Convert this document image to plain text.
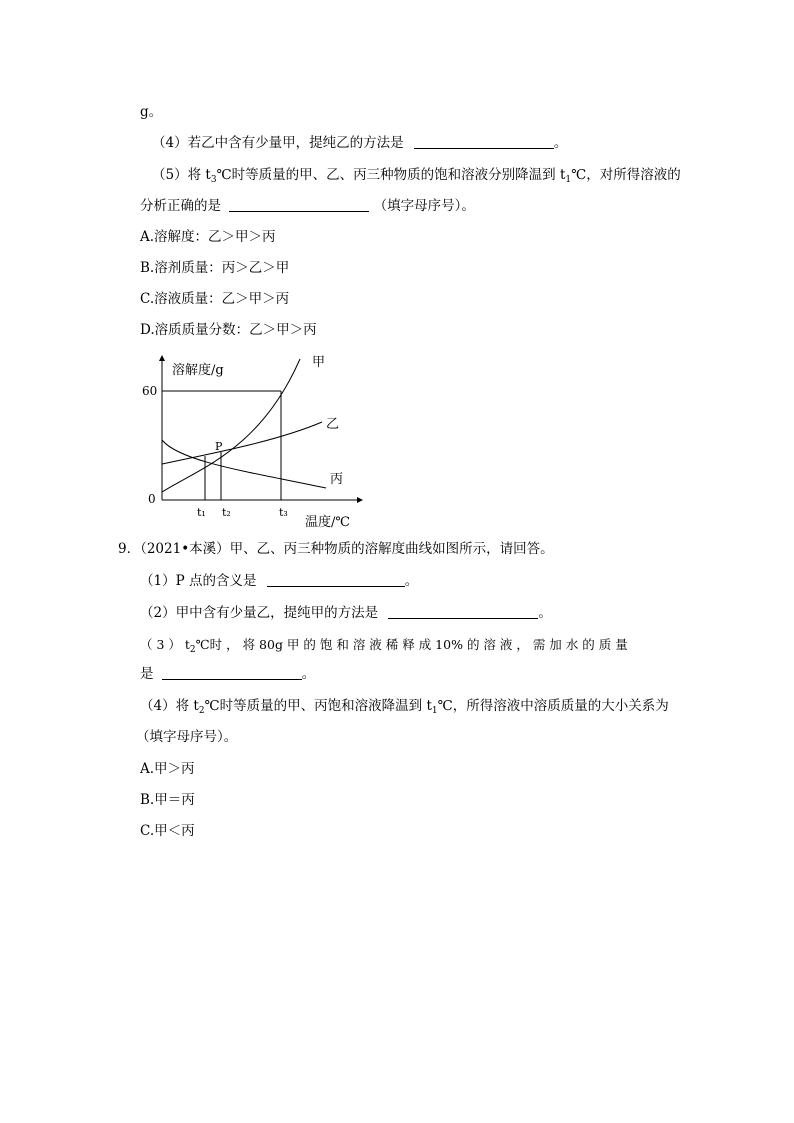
g。
（4）若乙中含有少量甲，提纯乙的方法是	。
（5）将 $t_3℃$时等质量的甲、乙、丙三种物质的饱和溶液分别降温到 $t_1℃$，对所得溶液的
分析正确的是	（填字母序号）。
A.溶解度：乙＞甲＞丙
B.溶剂质量：丙＞乙＞甲
C.溶液质量：乙＞甲＞丙
D.溶质质量分数：乙＞甲＞丙
溶解度/g
温度/℃
60
0
t₁ t₂	t₃
甲
乙
丙
P
9．（2021•本溪）甲、乙、丙三种物质的溶解度曲线如图所示，请回答。
（1）P 点的含义是	。
（2）甲中含有少量乙，提纯甲的方法是	。
（ 3 ） $t_2℃$时 ， 将 80g 甲 的 饱 和 溶 液 稀 释 成 10% 的 溶 液 ， 需 加 水 的 质 量
是	。
（4）将 $t_2℃$时等质量的甲、丙饱和溶液降温到 $t_1℃$，所得溶液中溶质质量的大小关系为
（填字母序号）。
A.甲＞丙
B.甲＝丙
C.甲＜丙
